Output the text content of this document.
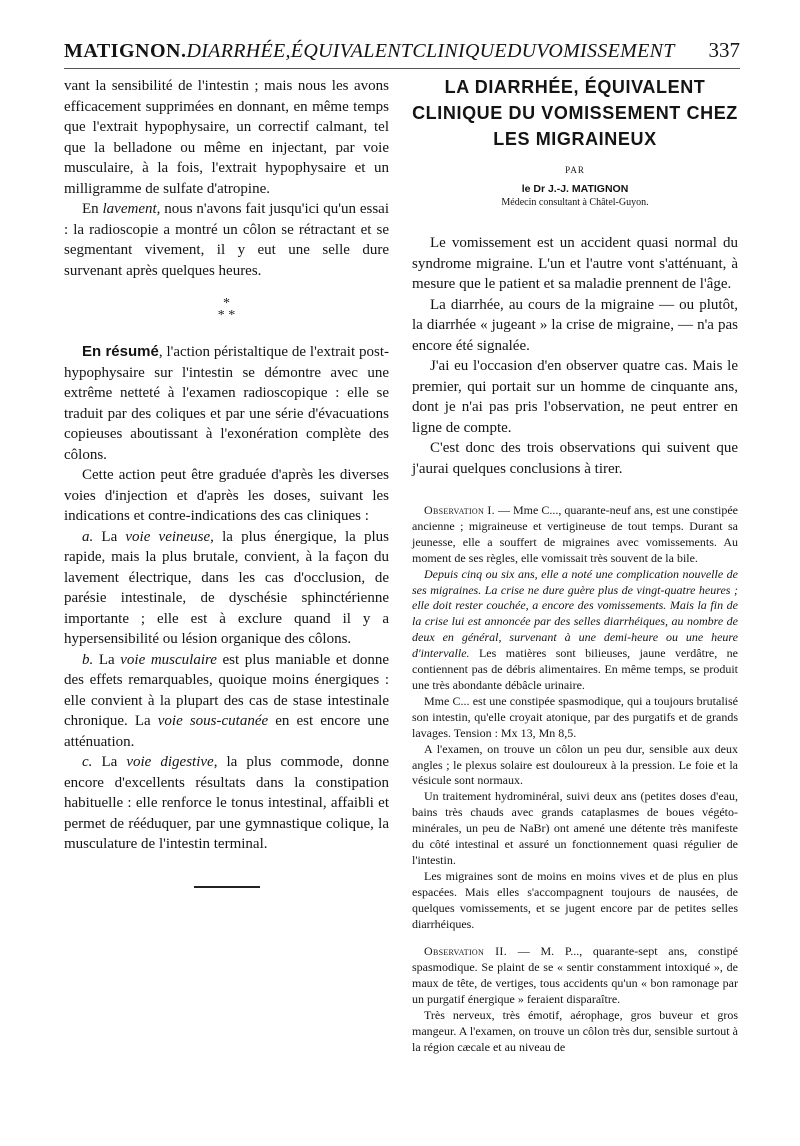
MATIGNON. DIARRHÉE,ÉQUIVALENTCLINIQUEDUVOMISSEMENT 337

vant la sensibilité de l'intestin ; mais nous les avons efficacement supprimées en donnant, en même temps que l'extrait hypophysaire, un correctif calmant, tel que la belladone ou même en injectant, par voie musculaire, à la fois, l'extrait hypophysaire et un milligramme de sulfate d'atropine.

En lavement, nous n'avons fait jusqu'ici qu'un essai : la radioscopie a montré un côlon se rétractant et se segmentant vivement, il y eut une selle dure survenant après quelques heures.

*
* *

En résumé, l'action péristaltique de l'extrait post-hypophysaire sur l'intestin se démontre avec une extrême netteté à l'examen radioscopique : elle se traduit par des coliques et par une série d'évacuations copieuses aboutissant à l'exonération complète des côlons.

Cette action peut être graduée d'après les diverses voies d'injection et d'après les doses, suivant les indications et contre-indications des cas cliniques :

a. La voie veineuse, la plus énergique, la plus rapide, mais la plus brutale, convient, à la façon du lavement électrique, dans les cas d'occlusion, de parésie intestinale, de dyschésie sphinctérienne importante ; elle est à exclure quand il y a hypersensibilité ou lésion organique des côlons.

b. La voie musculaire est plus maniable et donne des effets remarquables, quoique moins énergiques : elle convient à la plupart des cas de stase intestinale chronique. La voie sous-cutanée en est encore une atténuation.

c. La voie digestive, la plus commode, donne encore d'excellents résultats dans la constipation habituelle : elle renforce le tonus intestinal, affaibli et permet de rééduquer, par une gymnastique colique, la musculature de l'intestin terminal.

LA DIARRHÉE, ÉQUIVALENT CLINIQUE DU VOMISSEMENT CHEZ LES MIGRAINEUX
PAR
le Dr J.-J. MATIGNON
Médecin consultant à Châtel-Guyon.

Le vomissement est un accident quasi normal du syndrome migraine. L'un et l'autre vont s'atténuant, à mesure que le patient et sa maladie prennent de l'âge.

La diarrhée, au cours de la migraine — ou plutôt, la diarrhée « jugeant » la crise de migraine, — n'a pas encore été signalée.

J'ai eu l'occasion d'en observer quatre cas. Mais le premier, qui portait sur un homme de cinquante ans, dont je n'ai pas pris l'observation, ne peut entrer en ligne de compte.

C'est donc des trois observations qui suivent que j'aurai quelques conclusions à tirer.

Observation I. — Mme C..., quarante-neuf ans, est une constipée ancienne ; migraineuse et vertigineuse de tout temps. Durant sa jeunesse, elle a souffert de migraines avec vomissements. Au moment de ses règles, elle vomissait très souvent de la bile.

Depuis cinq ou six ans, elle a noté une complication nouvelle de ses migraines. La crise ne dure guère plus de vingt-quatre heures ; elle doit rester couchée, a encore des vomissements. Mais la fin de la crise lui est annoncée par des selles diarrhéiques, au nombre de deux en général, survenant à une demi-heure ou une heure d'intervalle. Les matières sont bilieuses, jaune verdâtre, ne contiennent pas de débris alimentaires. En même temps, se produit une très abondante débâcle urinaire.

Mme C... est une constipée spasmodique, qui a toujours brutalisé son intestin, qu'elle croyait atonique, par des purgatifs et de grands lavages. Tension : Mx 13, Mn 8,5.

A l'examen, on trouve un côlon un peu dur, sensible aux deux angles ; le plexus solaire est douloureux à la pression. Le foie et la vésicule sont normaux.

Un traitement hydrominéral, suivi deux ans (petites doses d'eau, bains très chauds avec grands cataplasmes de boues végéto-minérales, un peu de NaBr) ont amené une détente très manifeste du côté intestinal et assuré un fonctionnement quasi régulier de l'intestin.

Les migraines sont de moins en moins vives et de plus en plus espacées. Mais elles s'accompagnent toujours de nausées, de quelques vomissements, et se jugent encore par de petites selles diarrhéiques.

Observation II. — M. P..., quarante-sept ans, constipé spasmodique. Se plaint de se « sentir constamment intoxiqué », de maux de tête, de vertiges, tous accidents qu'un « bon ramonage par un purgatif énergique » feraient disparaître.

Très nerveux, très émotif, aérophage, gros buveur et gros mangeur. A l'examen, on trouve un côlon très dur, sensible surtout à la région cæcale et au niveau de
